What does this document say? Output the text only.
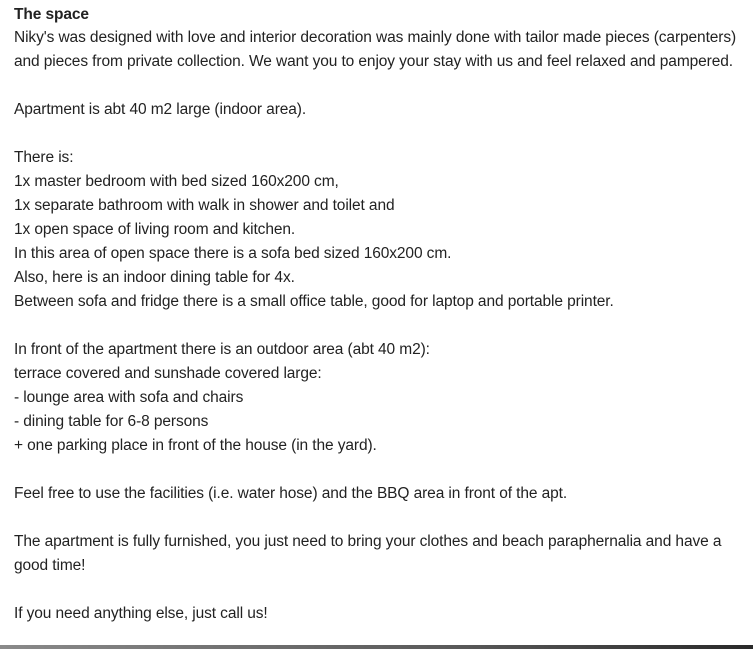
The space
Niky's was designed with love and interior decoration was mainly done with tailor made pieces (carpenters) and pieces from private collection. We want you to enjoy your stay with us and feel relaxed and pampered.
Apartment is abt 40 m2 large (indoor area).
There is:
1x master bedroom with bed sized 160x200 cm,
1x separate bathroom with walk in shower and toilet and
1x open space of living room and kitchen.
In this area of open space there is a sofa bed sized 160x200 cm.
Also, here is an indoor dining table for 4x.
Between sofa and fridge there is a small office table, good for laptop and portable printer.
In front of the apartment there is an outdoor area (abt 40 m2):
terrace covered and sunshade covered large:
- lounge area with sofa and chairs
- dining table for 6-8 persons
+ one parking place in front of the house (in the yard).
Feel free to use the facilities (i.e. water hose) and the BBQ area in front of the apt.
The apartment is fully furnished, you just need to bring your clothes and beach paraphernalia and have a good time!
If you need anything else, just call us!
